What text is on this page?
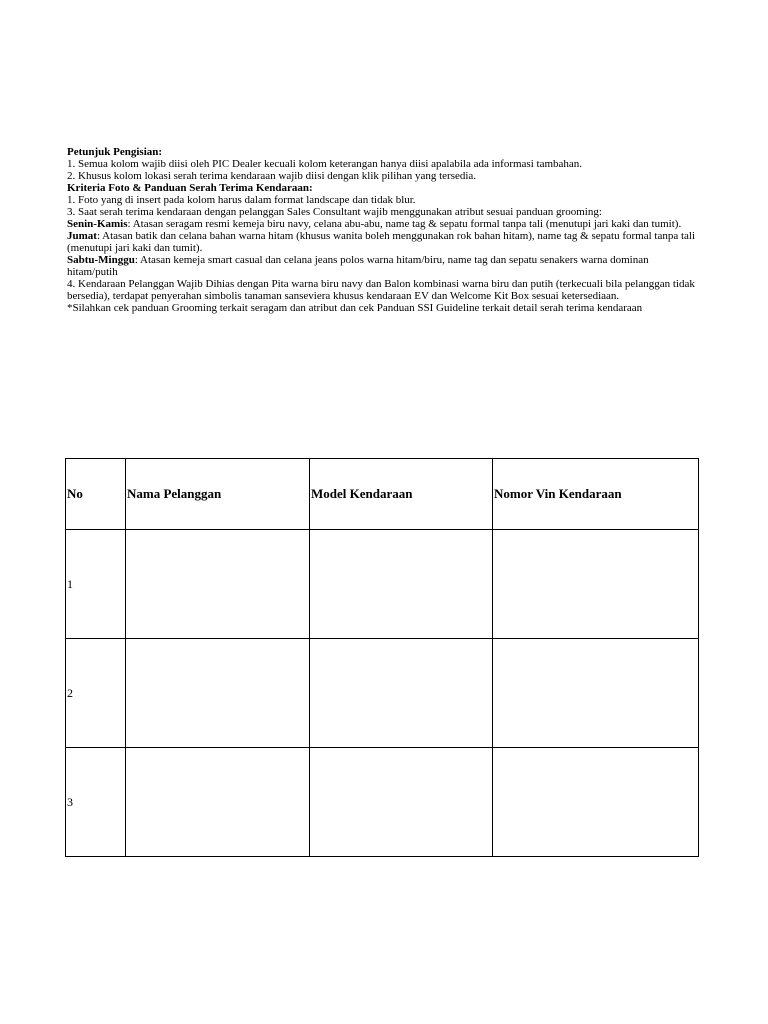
Petunjuk Pengisian:

1. Semua kolom wajib diisi oleh PIC Dealer kecuali kolom keterangan hanya diisi apalabila ada informasi tambahan.

2. Khusus kolom lokasi serah terima kendaraan wajib diisi dengan klik pilihan yang tersedia.

Kriteria Foto & Panduan Serah Terima Kendaraan:

1. Foto yang di insert pada kolom harus dalam format landscape dan tidak blur.

3. Saat serah terima kendaraan dengan pelanggan Sales Consultant wajib menggunakan atribut sesuai panduan grooming:

Senin-Kamis: Atasan seragam resmi kemeja biru navy, celana abu-abu, name tag & sepatu formal tanpa tali (menutupi jari kaki dan tumit).

Jumat: Atasan batik dan celana bahan warna hitam (khusus wanita boleh menggunakan rok bahan hitam), name tag & sepatu formal tanpa tali (menutupi jari kaki dan tumit).

Sabtu-Minggu: Atasan kemeja smart casual dan celana jeans polos warna hitam/biru, name tag dan sepatu senakers warna dominan hitam/putih

4. Kendaraan Pelanggan Wajib Dihias dengan Pita warna biru navy dan Balon kombinasi warna biru dan putih (terkecuali bila pelanggan tidak bersedia), terdapat penyerahan simbolis tanaman sanseviera khusus kendaraan EV dan Welcome Kit Box sesuai ketersediaan.

*Silahkan cek panduan Grooming terkait seragam dan atribut dan cek Panduan SSI Guideline terkait detail serah terima kendaraan

No	Nama Pelanggan	Model Kendaraan	Nomor Vin Kendaraan
1			
2			
3			
